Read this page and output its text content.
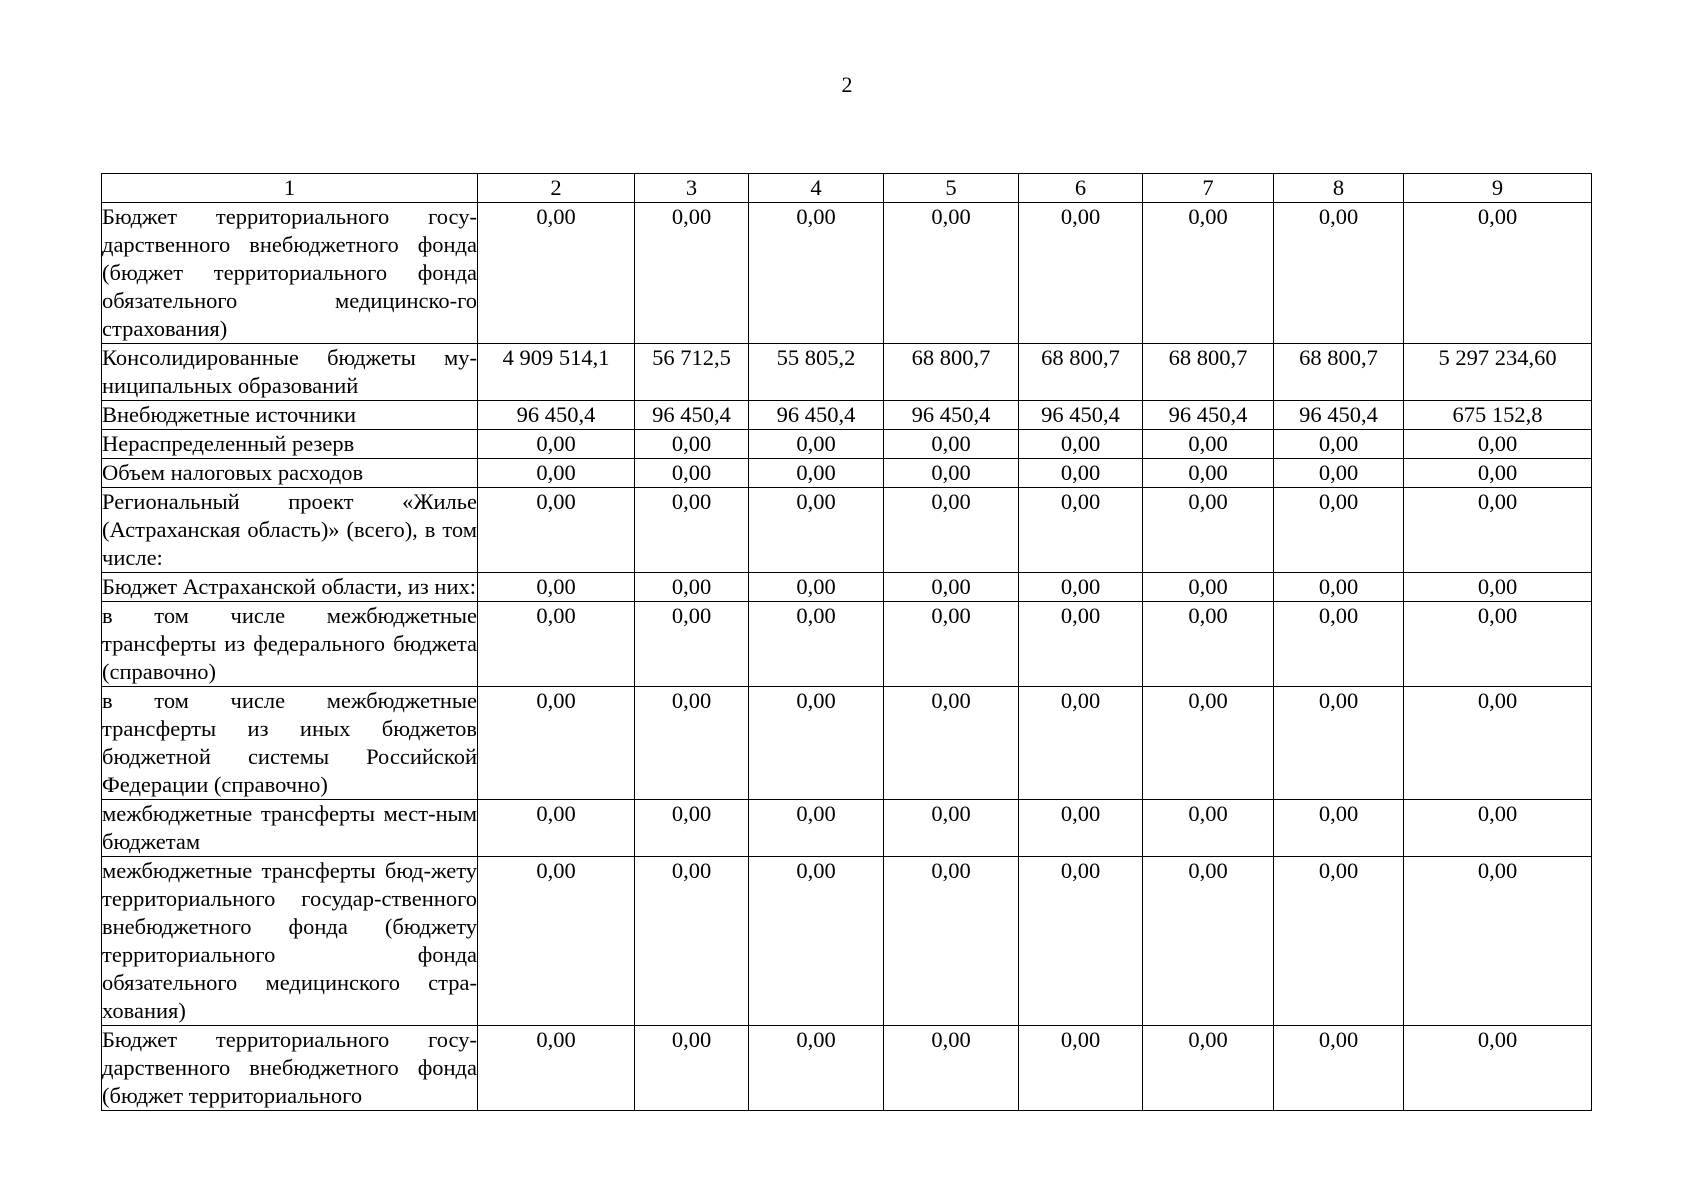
2
1	2	3	4	5	6	7	8	9
Бюджет территориального госу-дарственного внебюджетного фонда (бюджет территориального фонда обязательного медицинско-го страхования)	0,00	0,00	0,00	0,00	0,00	0,00	0,00	0,00
Консолидированные бюджеты му-ниципальных образований	4 909 514,1	56 712,5	55 805,2	68 800,7	68 800,7	68 800,7	68 800,7	5 297 234,60
Внебюджетные источники	96 450,4	96 450,4	96 450,4	96 450,4	96 450,4	96 450,4	96 450,4	675 152,8
Нераспределенный резерв	0,00	0,00	0,00	0,00	0,00	0,00	0,00	0,00
Объем налоговых расходов	0,00	0,00	0,00	0,00	0,00	0,00	0,00	0,00
Региональный проект «Жилье (Астраханская область)» (всего), в том числе:	0,00	0,00	0,00	0,00	0,00	0,00	0,00	0,00
Бюджет Астраханской области, из них:	0,00	0,00	0,00	0,00	0,00	0,00	0,00	0,00
в том числе межбюджетные трансферты из федерального бюджета (справочно)	0,00	0,00	0,00	0,00	0,00	0,00	0,00	0,00
в том числе межбюджетные трансферты из иных бюджетов бюджетной системы Российской Федерации (справочно)	0,00	0,00	0,00	0,00	0,00	0,00	0,00	0,00
межбюджетные трансферты мест-ным бюджетам	0,00	0,00	0,00	0,00	0,00	0,00	0,00	0,00
межбюджетные трансферты бюд-жету территориального государ-ственного внебюджетного фонда (бюджету территориального фонда обязательного медицинского стра-хования)	0,00	0,00	0,00	0,00	0,00	0,00	0,00	0,00
Бюджет территориального госу-дарственного внебюджетного фонда (бюджет территориального	0,00	0,00	0,00	0,00	0,00	0,00	0,00	0,00
